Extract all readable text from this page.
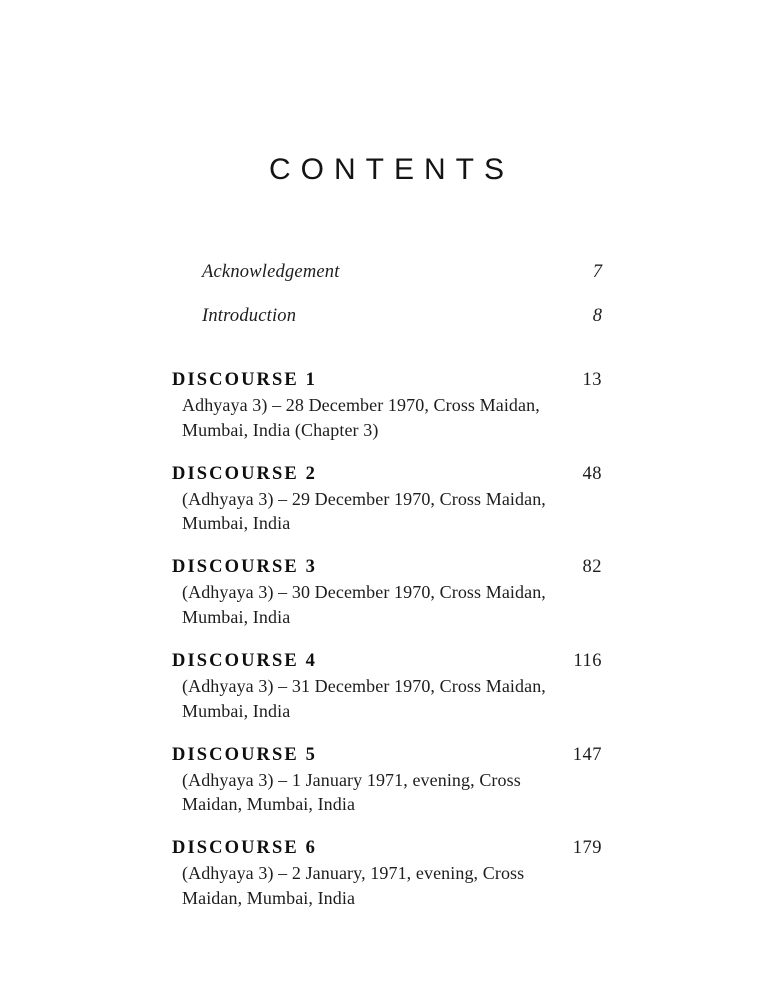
CONTENTS
Acknowledgement	7
Introduction	8
DISCOURSE 1	13
Adhyaya 3) – 28 December 1970, Cross Maidan, Mumbai, India (Chapter 3)
DISCOURSE 2	48
(Adhyaya 3) – 29 December 1970, Cross Maidan, Mumbai, India
DISCOURSE 3	82
(Adhyaya 3) – 30 December 1970, Cross Maidan, Mumbai, India
DISCOURSE 4	116
(Adhyaya 3) – 31 December 1970, Cross Maidan, Mumbai, India
DISCOURSE 5	147
(Adhyaya 3) – 1 January 1971, evening, Cross Maidan, Mumbai, India
DISCOURSE 6	179
(Adhyaya 3) – 2 January, 1971, evening, Cross Maidan, Mumbai, India
